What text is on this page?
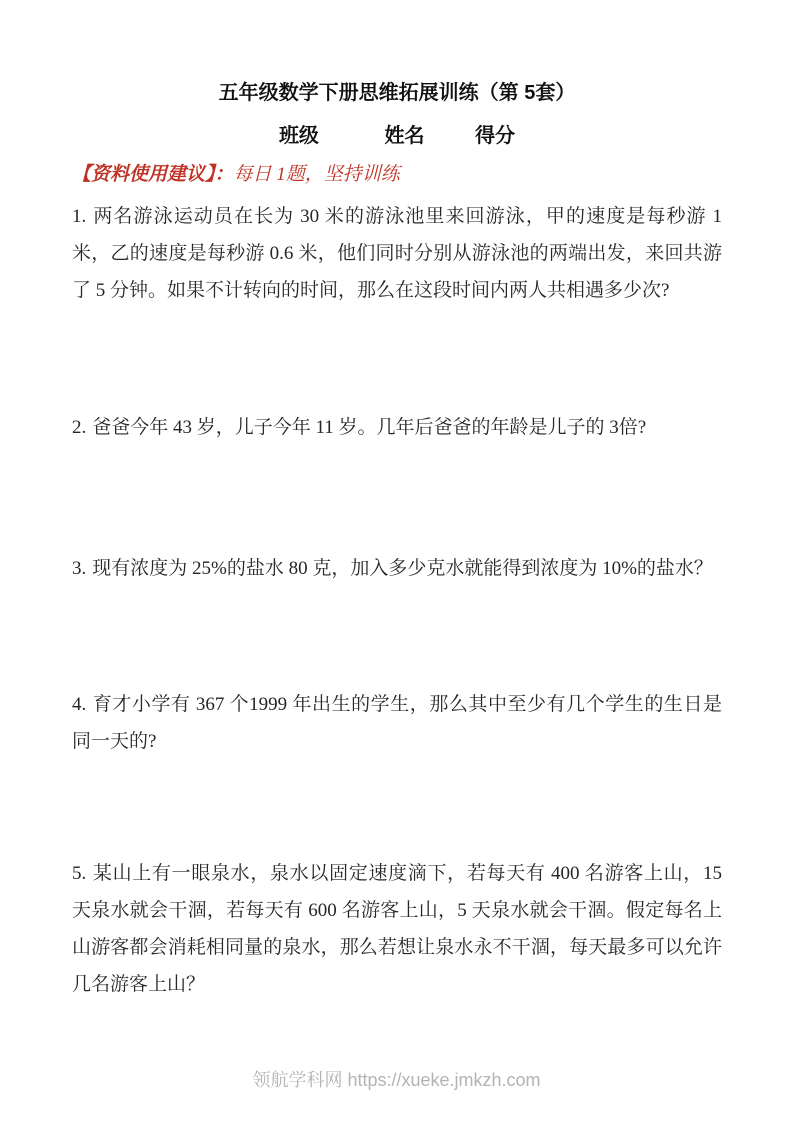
五年级数学下册思维拓展训练（第 5套）
班级	姓名	得分
【资料使用建议】：每日 1题，坚持训练

1. 两名游泳运动员在长为 30 米的游泳池里来回游泳，甲的速度是每秒游 1米，乙的速度是每秒游 0.6 米，他们同时分别从游泳池的两端出发，来回共游了 5 分钟。如果不计转向的时间，那么在这段时间内两人共相遇多少次?

2. 爸爸今年 43 岁，儿子今年 11 岁。几年后爸爸的年龄是儿子的 3倍?

3. 现有浓度为 25%的盐水 80 克，加入多少克水就能得到浓度为 10%的盐水？

4. 育才小学有 367 个1999 年出生的学生，那么其中至少有几个学生的生日是同一天的?

5. 某山上有一眼泉水，泉水以固定速度滴下，若每天有 400 名游客上山，15 天泉水就会干涸，若每天有 600 名游客上山，5 天泉水就会干涸。假定每名上山游客都会消耗相同量的泉水，那么若想让泉水永不干涸，每天最多可以允许几名游客上山？

领航学科网 https://xueke.jmkzh.com
